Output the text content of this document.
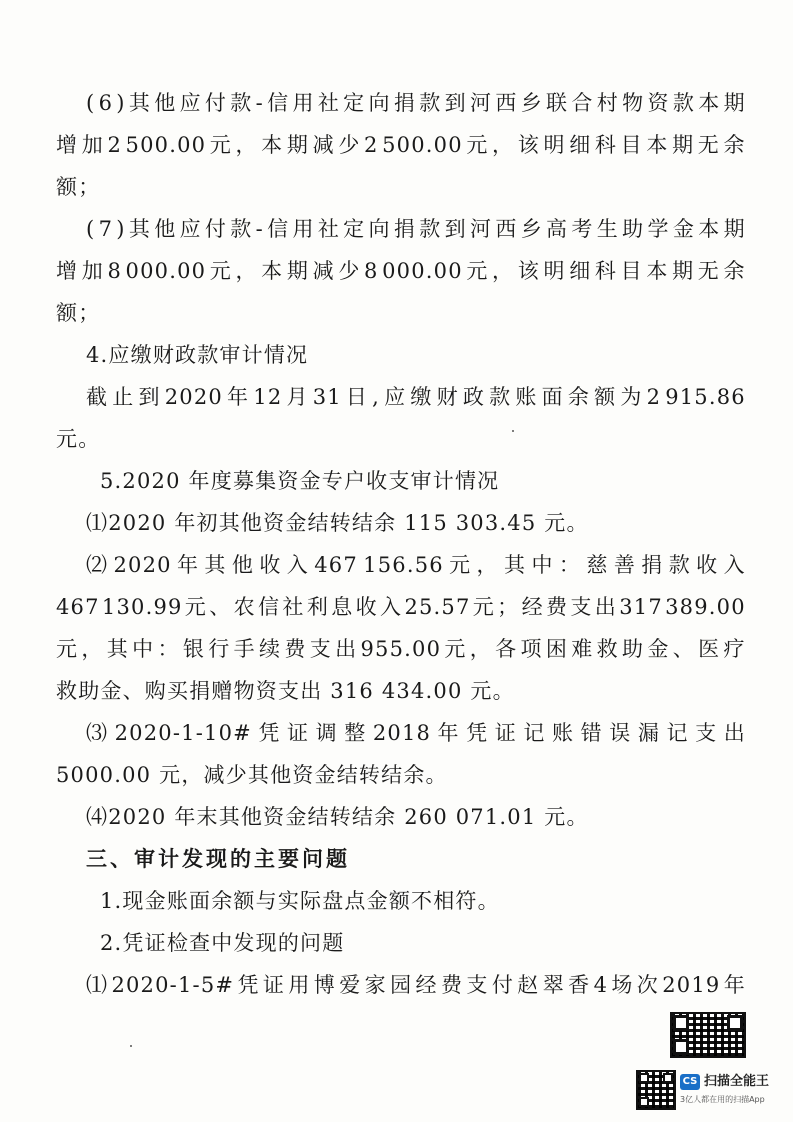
( 6 ) 其 他 应 付 款 - 信 用 社 定 向 捐 款 到 河 西 乡 联 合 村 物 资 款 本 期
增 加 2 500.00 元 ， 本 期 减 少 2 500.00 元 ， 该 明 细 科 目 本 期 无 余
额；
( 7 ) 其 他 应 付 款 - 信 用 社 定 向 捐 款 到 河 西 乡 高 考 生 助 学 金 本 期
增 加 8 000.00 元 ， 本 期 减 少 8 000.00 元 ， 该 明 细 科 目 本 期 无 余
额；
4.应缴财政款审计情况
截 止 到 2020 年 12 月 31 日 , 应 缴 财 政 款 账 面 余 额 为 2 915.86
元。
5.2020 年度募集资金专户收支审计情况
⑴2020 年初其他资金结转结余 115 303.45 元。
⑵ 2020 年 其 他 收 入 467 156.56 元 ， 其 中 ： 慈 善 捐 款 收 入
467 130.99 元 、 农 信 社 利 息 收 入 25.57 元 ； 经 费 支 出 317 389.00
元 ， 其 中 ： 银 行 手 续 费 支 出 955.00 元 ， 各 项 困 难 救 助 金 、 医 疗
救助金、购买捐赠物资支出 316 434.00 元。
⑶ 2020-1-10# 凭 证 调 整 2018 年 凭 证 记 账 错 误 漏 记 支 出
5000.00 元，减少其他资金结转结余。
⑷2020 年末其他资金结转结余 260 071.01 元。
三、审计发现的主要问题
1.现金账面余额与实际盘点金额不相符。
2.凭证检查中发现的问题
⑴ 2020-1-5# 凭 证 用 博 爱 家 园 经 费 支 付 赵 翠 香 4 场 次 2019 年
CS 扫描全能王
3亿人都在用的扫描App
